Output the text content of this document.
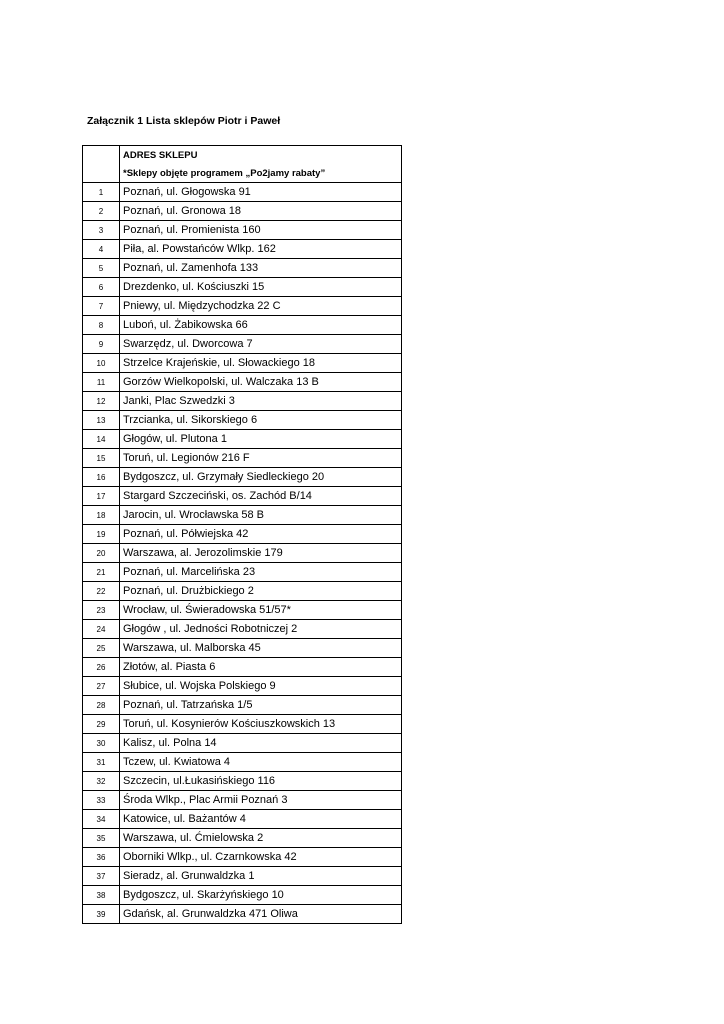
Załącznik 1 Lista sklepów Piotr i Paweł
	ADRES SKLEPU
	*Sklepy objęte programem „Po2jamy rabaty”
1	Poznań, ul. Głogowska 91
2	Poznań, ul. Gronowa 18
3	Poznań, ul. Promienista 160
4	Piła, al. Powstańców Wlkp. 162
5	Poznań, ul. Zamenhofa 133
6	Drezdenko, ul. Kościuszki 15
7	Pniewy, ul. Międzychodzka 22 C
8	Luboń, ul. Żabikowska 66
9	Swarzędz, ul. Dworcowa 7
10	Strzelce Krajeńskie, ul. Słowackiego 18
11	Gorzów Wielkopolski, ul. Walczaka 13 B
12	Janki, Plac Szwedzki 3
13	Trzcianka, ul. Sikorskiego 6
14	Głogów, ul. Plutona 1
15	Toruń, ul. Legionów 216 F
16	Bydgoszcz, ul. Grzymały Siedleckiego 20
17	Stargard Szczeciński, os. Zachód B/14
18	Jarocin, ul. Wrocławska 58 B
19	Poznań, ul. Półwiejska 42
20	Warszawa, al. Jerozolimskie 179
21	Poznań, ul. Marcelińska 23
22	Poznań, ul. Drużbickiego 2
23	Wrocław, ul. Świeradowska 51/57*
24	Głogów , ul. Jedności Robotniczej 2
25	Warszawa, ul. Malborska 45
26	Złotów, al. Piasta 6
27	Słubice, ul. Wojska Polskiego 9
28	Poznań, ul. Tatrzańska 1/5
29	Toruń, ul. Kosynierów Kościuszkowskich 13
30	Kalisz, ul. Polna 14
31	Tczew, ul. Kwiatowa 4
32	Szczecin, ul.Łukasińskiego 116
33	Środa Wlkp., Plac Armii Poznań 3
34	Katowice, ul. Bażantów 4
35	Warszawa, ul. Ćmielowska 2
36	Oborniki Wlkp., ul. Czarnkowska 42
37	Sieradz, al. Grunwaldzka 1
38	Bydgoszcz, ul. Skarżyńskiego 10
39	Gdańsk, al. Grunwaldzka 471 Oliwa
